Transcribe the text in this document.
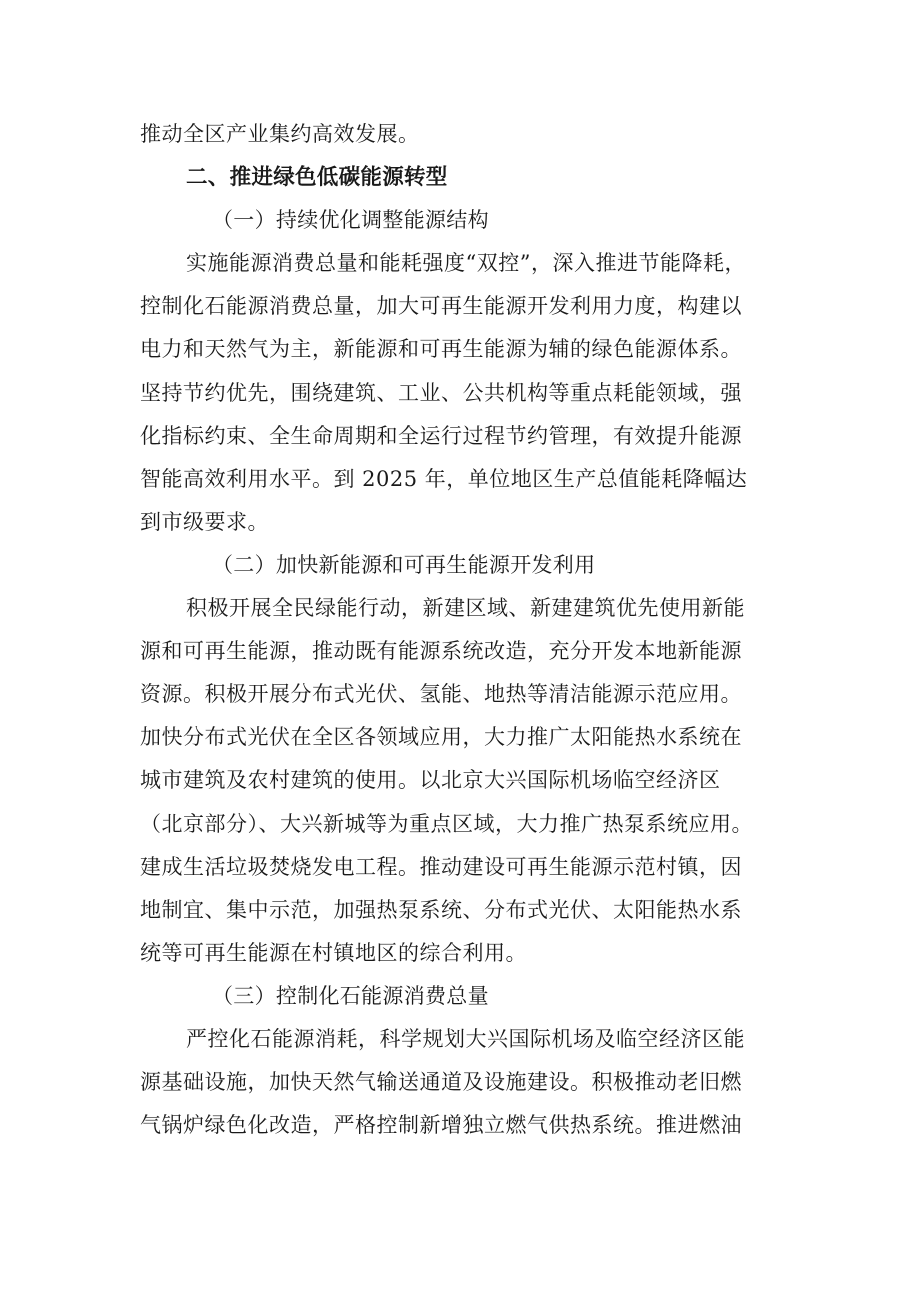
推动全区产业集约高效发展。
二、推进绿色低碳能源转型
（一）持续优化调整能源结构
实施能源消费总量和能耗强度“双控”，深入推进节能降耗，
控制化石能源消费总量，加大可再生能源开发利用力度，构建以
电力和天然气为主，新能源和可再生能源为辅的绿色能源体系。
坚持节约优先，围绕建筑、工业、公共机构等重点耗能领域，强
化指标约束、全生命周期和全运行过程节约管理，有效提升能源
智能高效利用水平。到 2025 年，单位地区生产总值能耗降幅达
到市级要求。
（二）加快新能源和可再生能源开发利用
积极开展全民绿能行动，新建区域、新建建筑优先使用新能
源和可再生能源，推动既有能源系统改造，充分开发本地新能源
资源。积极开展分布式光伏、氢能、地热等清洁能源示范应用。
加快分布式光伏在全区各领域应用，大力推广太阳能热水系统在
城市建筑及农村建筑的使用。以北京大兴国际机场临空经济区
（北京部分）、大兴新城等为重点区域，大力推广热泵系统应用。
建成生活垃圾焚烧发电工程。推动建设可再生能源示范村镇，因
地制宜、集中示范，加强热泵系统、分布式光伏、太阳能热水系
统等可再生能源在村镇地区的综合利用。
（三）控制化石能源消费总量
严控化石能源消耗，科学规划大兴国际机场及临空经济区能
源基础设施，加快天然气输送通道及设施建设。积极推动老旧燃
气锅炉绿色化改造，严格控制新增独立燃气供热系统。推进燃油
